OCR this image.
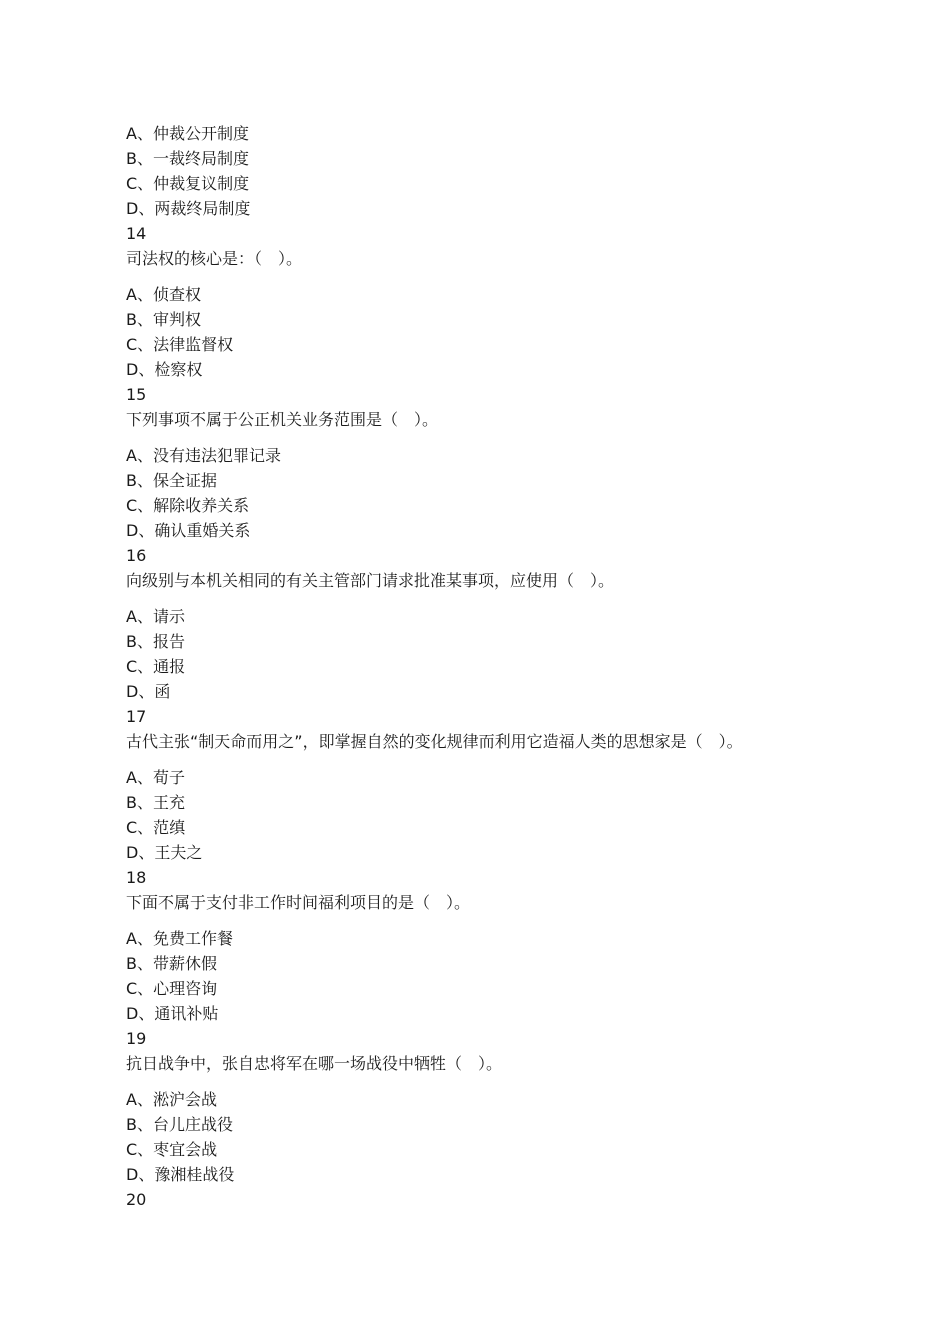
A、仲裁公开制度
B、一裁终局制度
C、仲裁复议制度
D、两裁终局制度
14
司法权的核心是：（　）。
A、侦查权
B、审判权
C、法律监督权
D、检察权
15
下列事项不属于公正机关业务范围是（　）。
A、没有违法犯罪记录
B、保全证据
C、解除收养关系
D、确认重婚关系
16
向级别与本机关相同的有关主管部门请求批准某事项，应使用（　）。
A、请示
B、报告
C、通报
D、函
17
古代主张“制天命而用之”，即掌握自然的变化规律而利用它造福人类的思想家是（　）。
A、荀子
B、王充
C、范缜
D、王夫之
18
下面不属于支付非工作时间福利项目的是（　）。
A、免费工作餐
B、带薪休假
C、心理咨询
D、通讯补贴
19
抗日战争中，张自忠将军在哪一场战役中牺牲（　）。
A、淞沪会战
B、台儿庄战役
C、枣宜会战
D、豫湘桂战役
20
